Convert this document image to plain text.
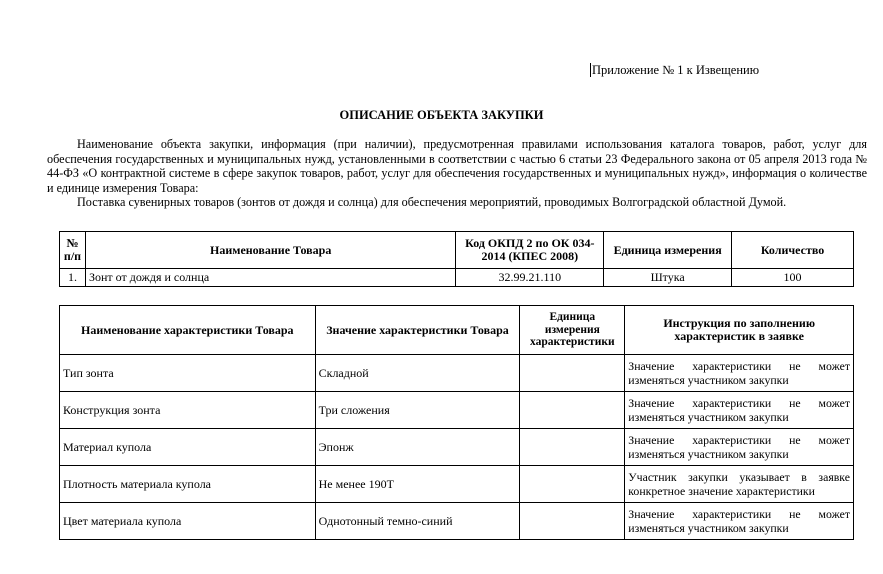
Приложение № 1 к Извещению
ОПИСАНИЕ ОБЪЕКТА ЗАКУПКИ

Наименование объекта закупки, информация (при наличии), предусмотренная правилами использования каталога товаров, работ, услуг для обеспечения государственных и муниципальных нужд, установленными в соответствии с частью 6 статьи 23 Федерального закона от 05 апреля 2013 года № 44-ФЗ «О контрактной системе в сфере закупок товаров, работ, услуг для обеспечения государственных и муниципальных нужд», информация о количестве и единице измерения Товара:

Поставка сувенирных товаров (зонтов от дождя и солнца) для обеспечения мероприятий, проводимых Волгоградской областной Думой.

№ п/п	Наименование Товара	Код ОКПД 2 по ОК 034-2014 (КПЕС 2008)	Единица измерения	Количество
1.	Зонт от дождя и солнца	32.99.21.110	Штука	100
Наименование характеристики Товара	Значение характеристики Товара	Единица измерения характеристики	Инструкция по заполнению характеристик в заявке
Тип зонта	Складной		Значение характеристики не может изменяться участником закупки
Конструкция зонта	Три сложения		Значение характеристики не может изменяться участником закупки
Материал купола	Эпонж		Значение характеристики не может изменяться участником закупки
Плотность материала купола	Не менее 190Т		Участник закупки указывает в заявке конкретное значение характеристики
Цвет материала купола	Однотонный темно-синий		Значение характеристики не может изменяться участником закупки
